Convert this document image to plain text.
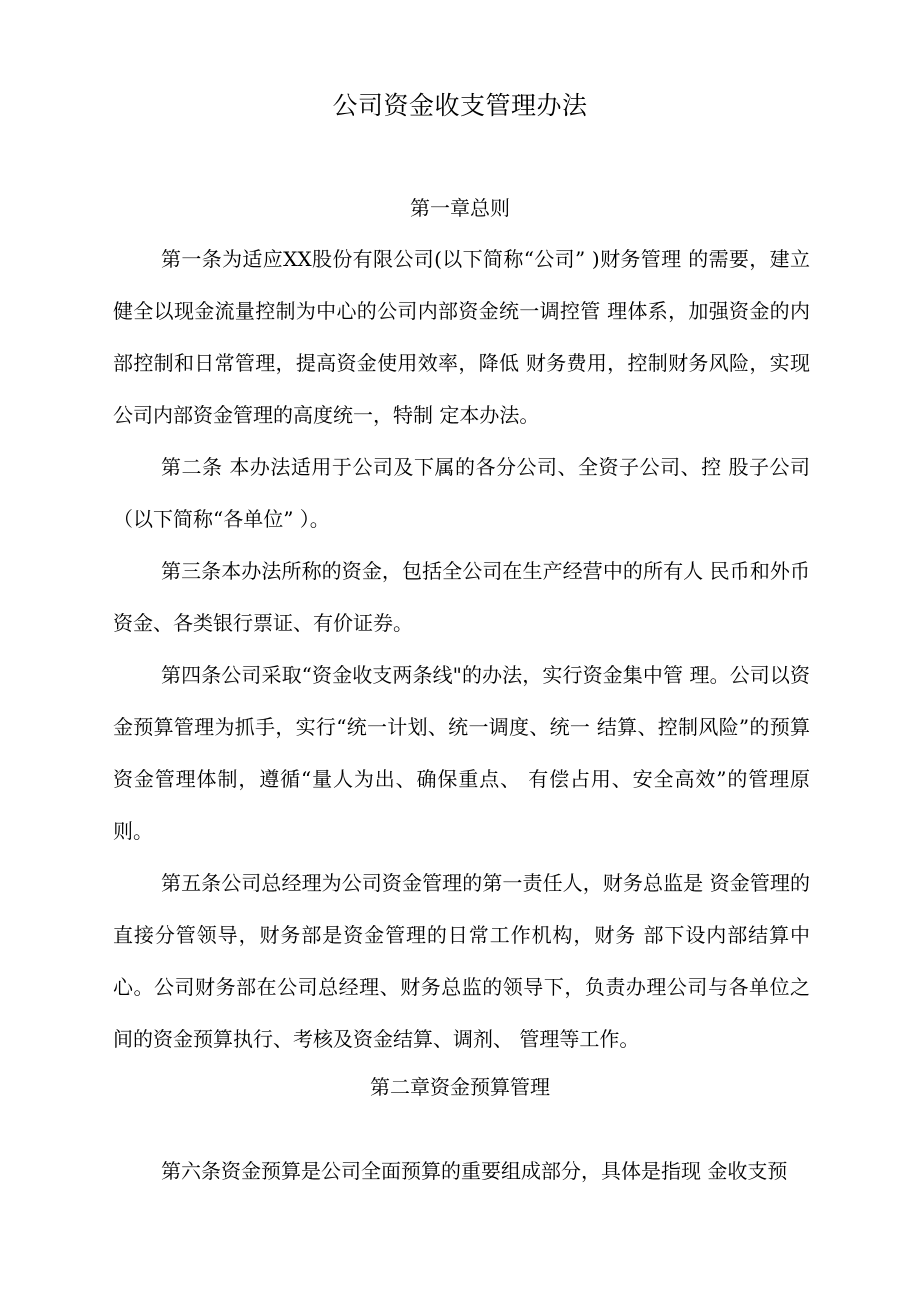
公司资金收支管理办法
第一章总则

第一条为适应XX股份有限公司(以下简称“公司” )财务管理 的需要，建立健全以现金流量控制为中心的公司内部资金统一调控管 理体系，加强资金的内部控制和日常管理，提高资金使用效率，降低 财务费用，控制财务风险，实现公司内部资金管理的高度统一，特制 定本办法。

第二条 本办法适用于公司及下属的各分公司、全资子公司、控 股子公司（以下简称“各单位” ）。

第三条本办法所称的资金，包括全公司在生产经营中的所有人 民币和外币资金、各类银行票证、有价证券。

第四条公司采取“资金收支两条线"的办法，实行资金集中管 理。公司以资金预算管理为抓手，实行“统一计划、统一调度、统一 结算、控制风险”的预算资金管理体制，遵循“量人为出、确保重点、 有偿占用、安全高效”的管理原则。

第五条公司总经理为公司资金管理的第一责任人，财务总监是 资金管理的直接分管领导，财务部是资金管理的日常工作机构，财务 部下设内部结算中心。公司财务部在公司总经理、财务总监的领导下，负责办理公司与各单位之间的资金预算执行、考核及资金结算、调剂、 管理等工作。

第二章资金预算管理

第六条资金预算是公司全面预算的重要组成部分，具体是指现 金收支预
